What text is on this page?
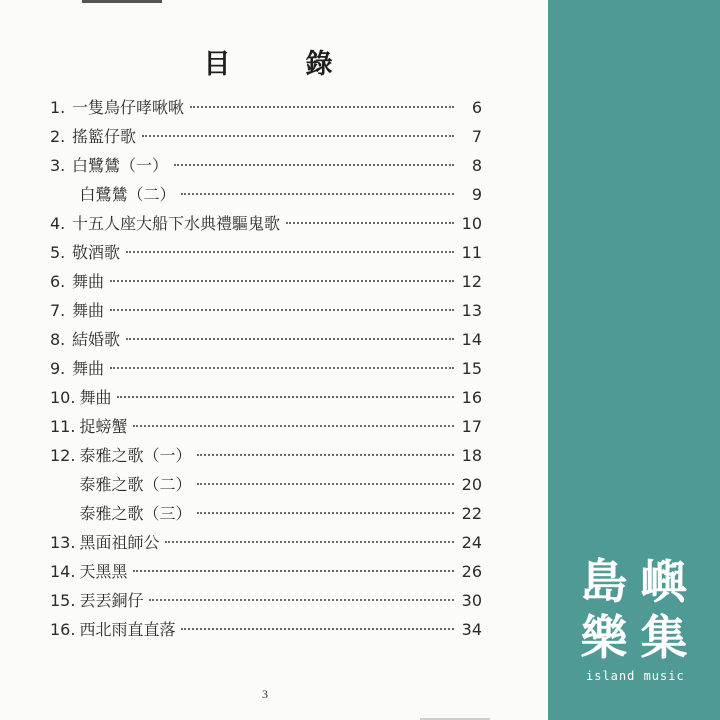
目　錄
1. 一隻鳥仔哮啾啾	6
2. 搖籃仔歌	7
3. 白鷺鷥（一）	8
白鷺鷥（二）	9
4. 十五人座大船下水典禮驅鬼歌	10
5. 敬酒歌	11
6. 舞曲	12
7. 舞曲	13
8. 結婚歌	14
9. 舞曲	15
10. 舞曲	16
11. 捉螃蟹	17
12. 泰雅之歌（一）	18
泰雅之歌（二）	20
泰雅之歌（三）	22
13. 黑面祖師公	24
14. 天黑黑	26
15. 丟丟銅仔	30
16. 西北雨直直落	34
3
島 嶼
樂 集
island music
